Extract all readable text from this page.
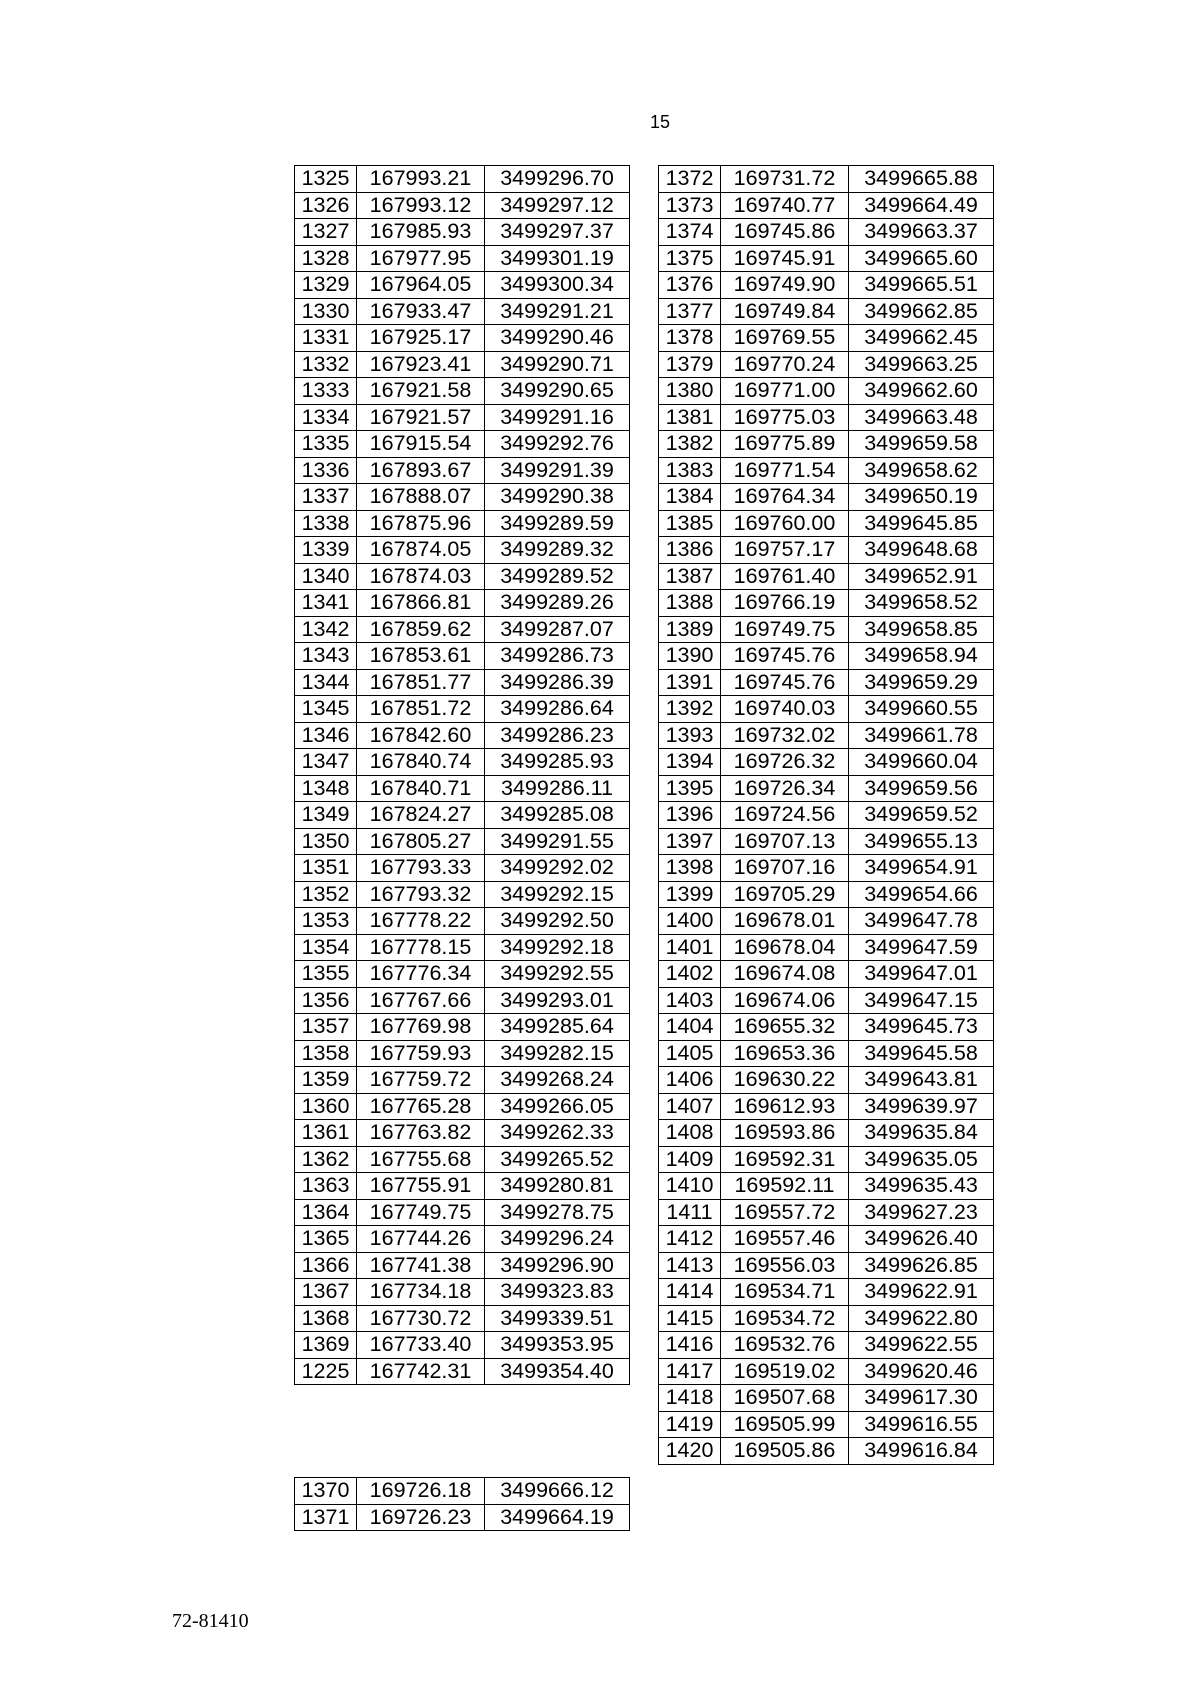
15
1325	167993.21	3499296.70
1326	167993.12	3499297.12
1327	167985.93	3499297.37
1328	167977.95	3499301.19
1329	167964.05	3499300.34
1330	167933.47	3499291.21
1331	167925.17	3499290.46
1332	167923.41	3499290.71
1333	167921.58	3499290.65
1334	167921.57	3499291.16
1335	167915.54	3499292.76
1336	167893.67	3499291.39
1337	167888.07	3499290.38
1338	167875.96	3499289.59
1339	167874.05	3499289.32
1340	167874.03	3499289.52
1341	167866.81	3499289.26
1342	167859.62	3499287.07
1343	167853.61	3499286.73
1344	167851.77	3499286.39
1345	167851.72	3499286.64
1346	167842.60	3499286.23
1347	167840.74	3499285.93
1348	167840.71	3499286.11
1349	167824.27	3499285.08
1350	167805.27	3499291.55
1351	167793.33	3499292.02
1352	167793.32	3499292.15
1353	167778.22	3499292.50
1354	167778.15	3499292.18
1355	167776.34	3499292.55
1356	167767.66	3499293.01
1357	167769.98	3499285.64
1358	167759.93	3499282.15
1359	167759.72	3499268.24
1360	167765.28	3499266.05
1361	167763.82	3499262.33
1362	167755.68	3499265.52
1363	167755.91	3499280.81
1364	167749.75	3499278.75
1365	167744.26	3499296.24
1366	167741.38	3499296.90
1367	167734.18	3499323.83
1368	167730.72	3499339.51
1369	167733.40	3499353.95
1225	167742.31	3499354.40
1370	169726.18	3499666.12
1371	169726.23	3499664.19
1372	169731.72	3499665.88
1373	169740.77	3499664.49
1374	169745.86	3499663.37
1375	169745.91	3499665.60
1376	169749.90	3499665.51
1377	169749.84	3499662.85
1378	169769.55	3499662.45
1379	169770.24	3499663.25
1380	169771.00	3499662.60
1381	169775.03	3499663.48
1382	169775.89	3499659.58
1383	169771.54	3499658.62
1384	169764.34	3499650.19
1385	169760.00	3499645.85
1386	169757.17	3499648.68
1387	169761.40	3499652.91
1388	169766.19	3499658.52
1389	169749.75	3499658.85
1390	169745.76	3499658.94
1391	169745.76	3499659.29
1392	169740.03	3499660.55
1393	169732.02	3499661.78
1394	169726.32	3499660.04
1395	169726.34	3499659.56
1396	169724.56	3499659.52
1397	169707.13	3499655.13
1398	169707.16	3499654.91
1399	169705.29	3499654.66
1400	169678.01	3499647.78
1401	169678.04	3499647.59
1402	169674.08	3499647.01
1403	169674.06	3499647.15
1404	169655.32	3499645.73
1405	169653.36	3499645.58
1406	169630.22	3499643.81
1407	169612.93	3499639.97
1408	169593.86	3499635.84
1409	169592.31	3499635.05
1410	169592.11	3499635.43
1411	169557.72	3499627.23
1412	169557.46	3499626.40
1413	169556.03	3499626.85
1414	169534.71	3499622.91
1415	169534.72	3499622.80
1416	169532.76	3499622.55
1417	169519.02	3499620.46
1418	169507.68	3499617.30
1419	169505.99	3499616.55
1420	169505.86	3499616.84
72-81410
